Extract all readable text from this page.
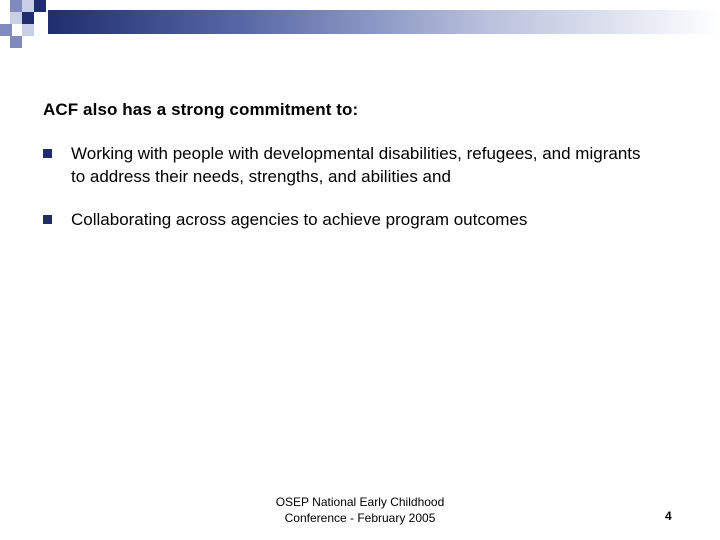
ACF also has a strong commitment to:
Working with people with developmental disabilities, refugees, and migrants to address their needs, strengths, and abilities and
Collaborating across agencies to achieve program outcomes
OSEP National Early Childhood
Conference - February 2005	4
